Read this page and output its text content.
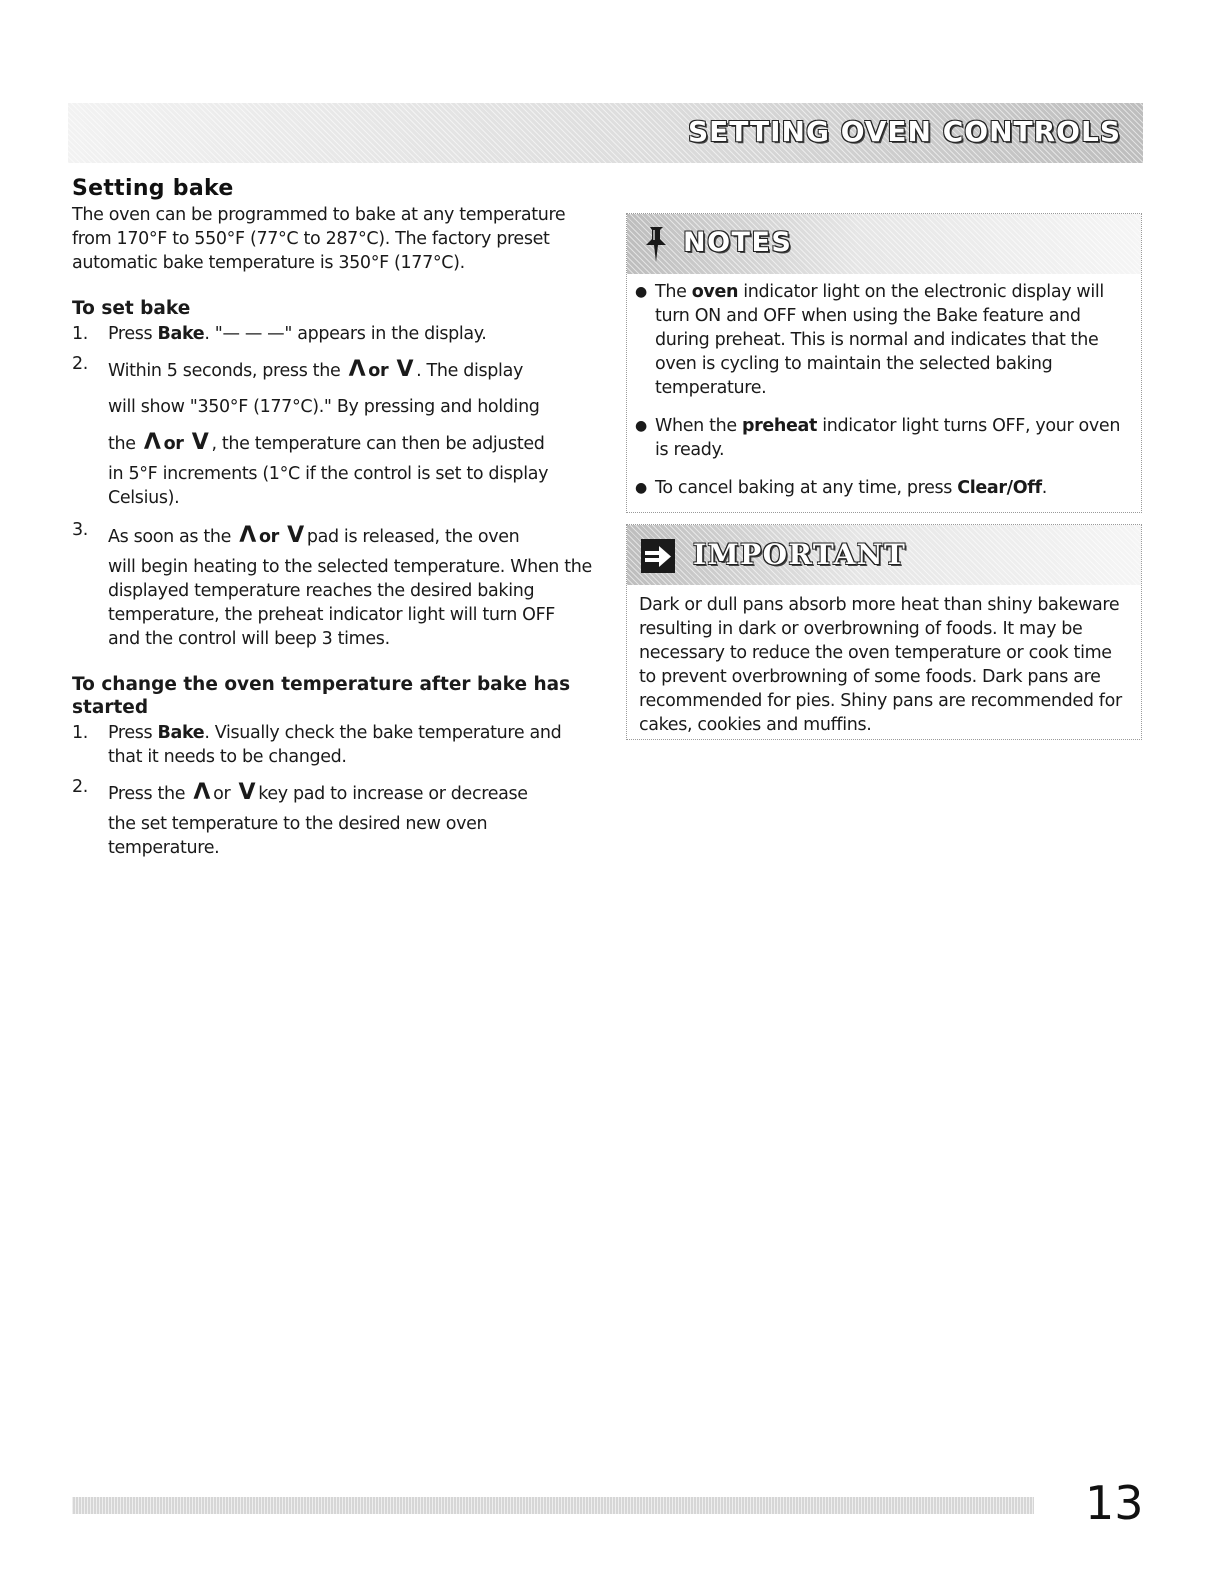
SETTING OVEN CONTROLS
Setting bake
The oven can be programmed to bake at any temperature from 170°F to 550°F (77°C to 287°C). The factory preset automatic bake temperature is 350°F (177°C).
To set bake
1. Press Bake. "— — —" appears in the display.
2. Within 5 seconds, press the Λ or V . The display
will show "350°F (177°C)." By pressing and holding
the Λ or V , the temperature can then be adjusted
in 5°F increments (1°C if the control is set to display Celsius).
3. As soon as the Λ or V pad is released, the oven
will begin heating to the selected temperature. When the displayed temperature reaches the desired baking temperature, the preheat indicator light will turn OFF and the control will beep 3 times.
To change the oven temperature after bake has started
1. Press Bake. Visually check the bake temperature and that it needs to be changed.
2. Press the Λ or V key pad to increase or decrease
the set temperature to the desired new oven temperature.
NOTES
● The oven indicator light on the electronic display will turn ON and OFF when using the Bake feature and during preheat. This is normal and indicates that the oven is cycling to maintain the selected baking temperature.
● When the preheat indicator light turns OFF, your oven is ready.
● To cancel baking at any time, press Clear/Off.
IMPORTANT
Dark or dull pans absorb more heat than shiny bakeware resulting in dark or overbrowning of foods. It may be necessary to reduce the oven temperature or cook time to prevent overbrowning of some foods. Dark pans are recommended for pies. Shiny pans are recommended for cakes, cookies and muffins.
13
